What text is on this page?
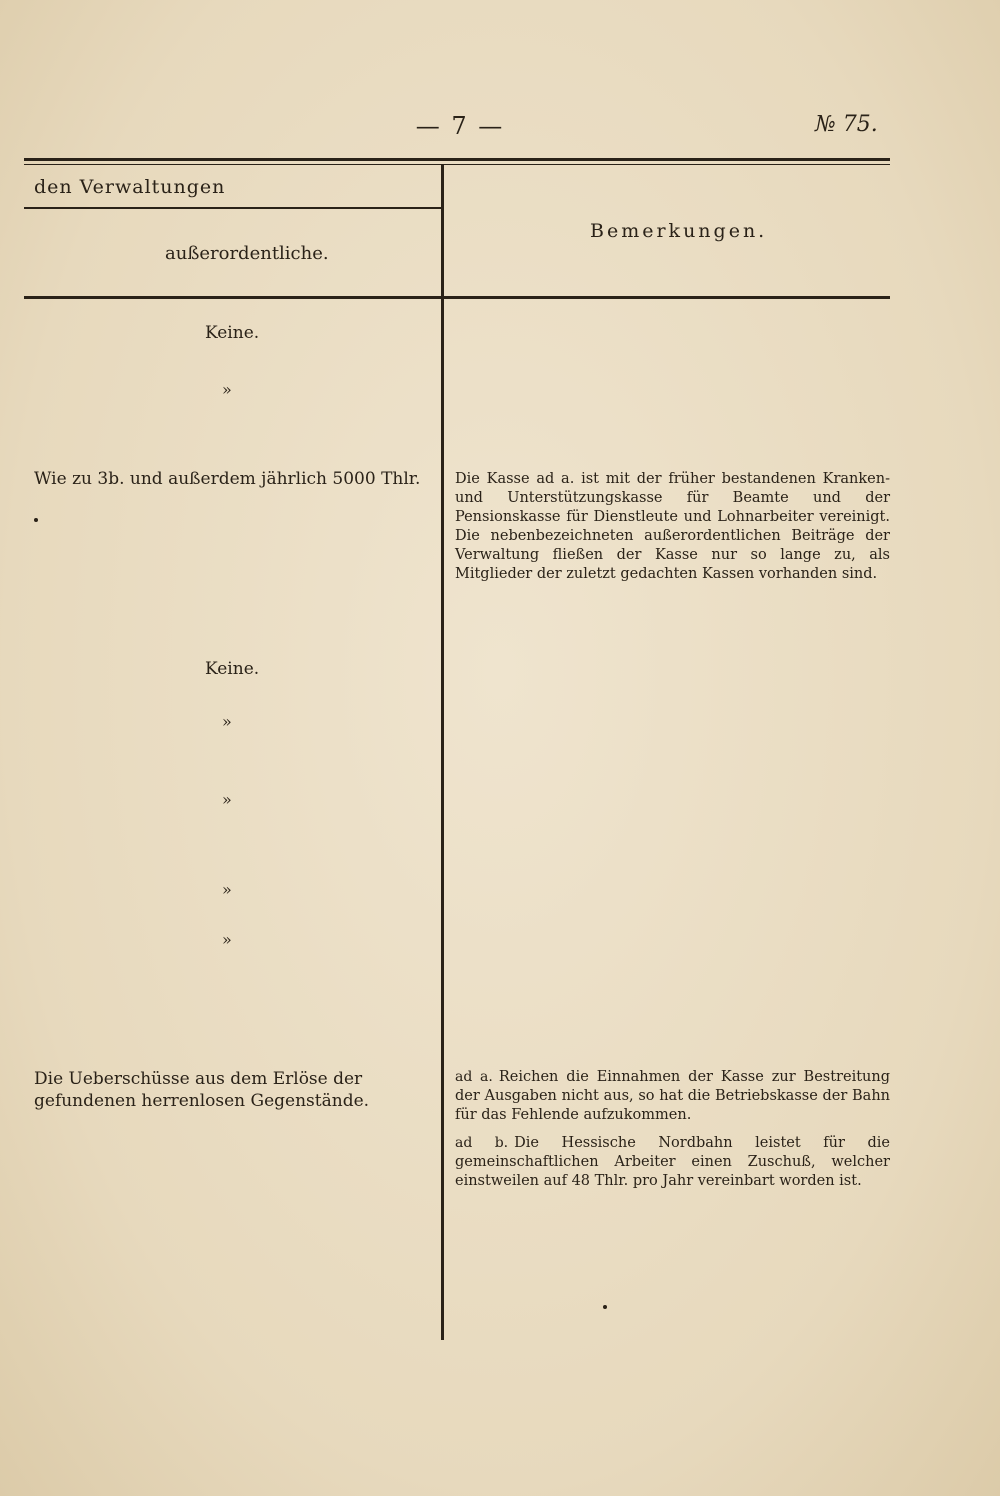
— 7 —	№ 75.
den Verwaltungen
außerordentliche.
Bemerkungen.
Keine.
»
Wie zu 3b. und außerdem jährlich 5000 Thlr.
Keine.
»
»
»
»
Die Ueberschüsse aus dem Erlöse der gefundenen herrenlosen Gegenstände.
Die Kasse ad a. ist mit der früher bestandenen Kranken- und Unterstützungskasse für Beamte und der Pensionskasse für Dienstleute und Lohnarbeiter vereinigt. Die nebenbezeichneten außerordentlichen Beiträge der Verwaltung fließen der Kasse nur so lange zu, als Mitglieder der zuletzt gedachten Kassen vorhanden sind.
ad a. Reichen die Einnahmen der Kasse zur Bestreitung der Ausgaben nicht aus, so hat die Betriebskasse der Bahn für das Fehlende aufzukommen.
ad b. Die Hessische Nordbahn leistet für die gemeinschaftlichen Arbeiter einen Zuschuß, welcher einstweilen auf 48 Thlr. pro Jahr vereinbart worden ist.
